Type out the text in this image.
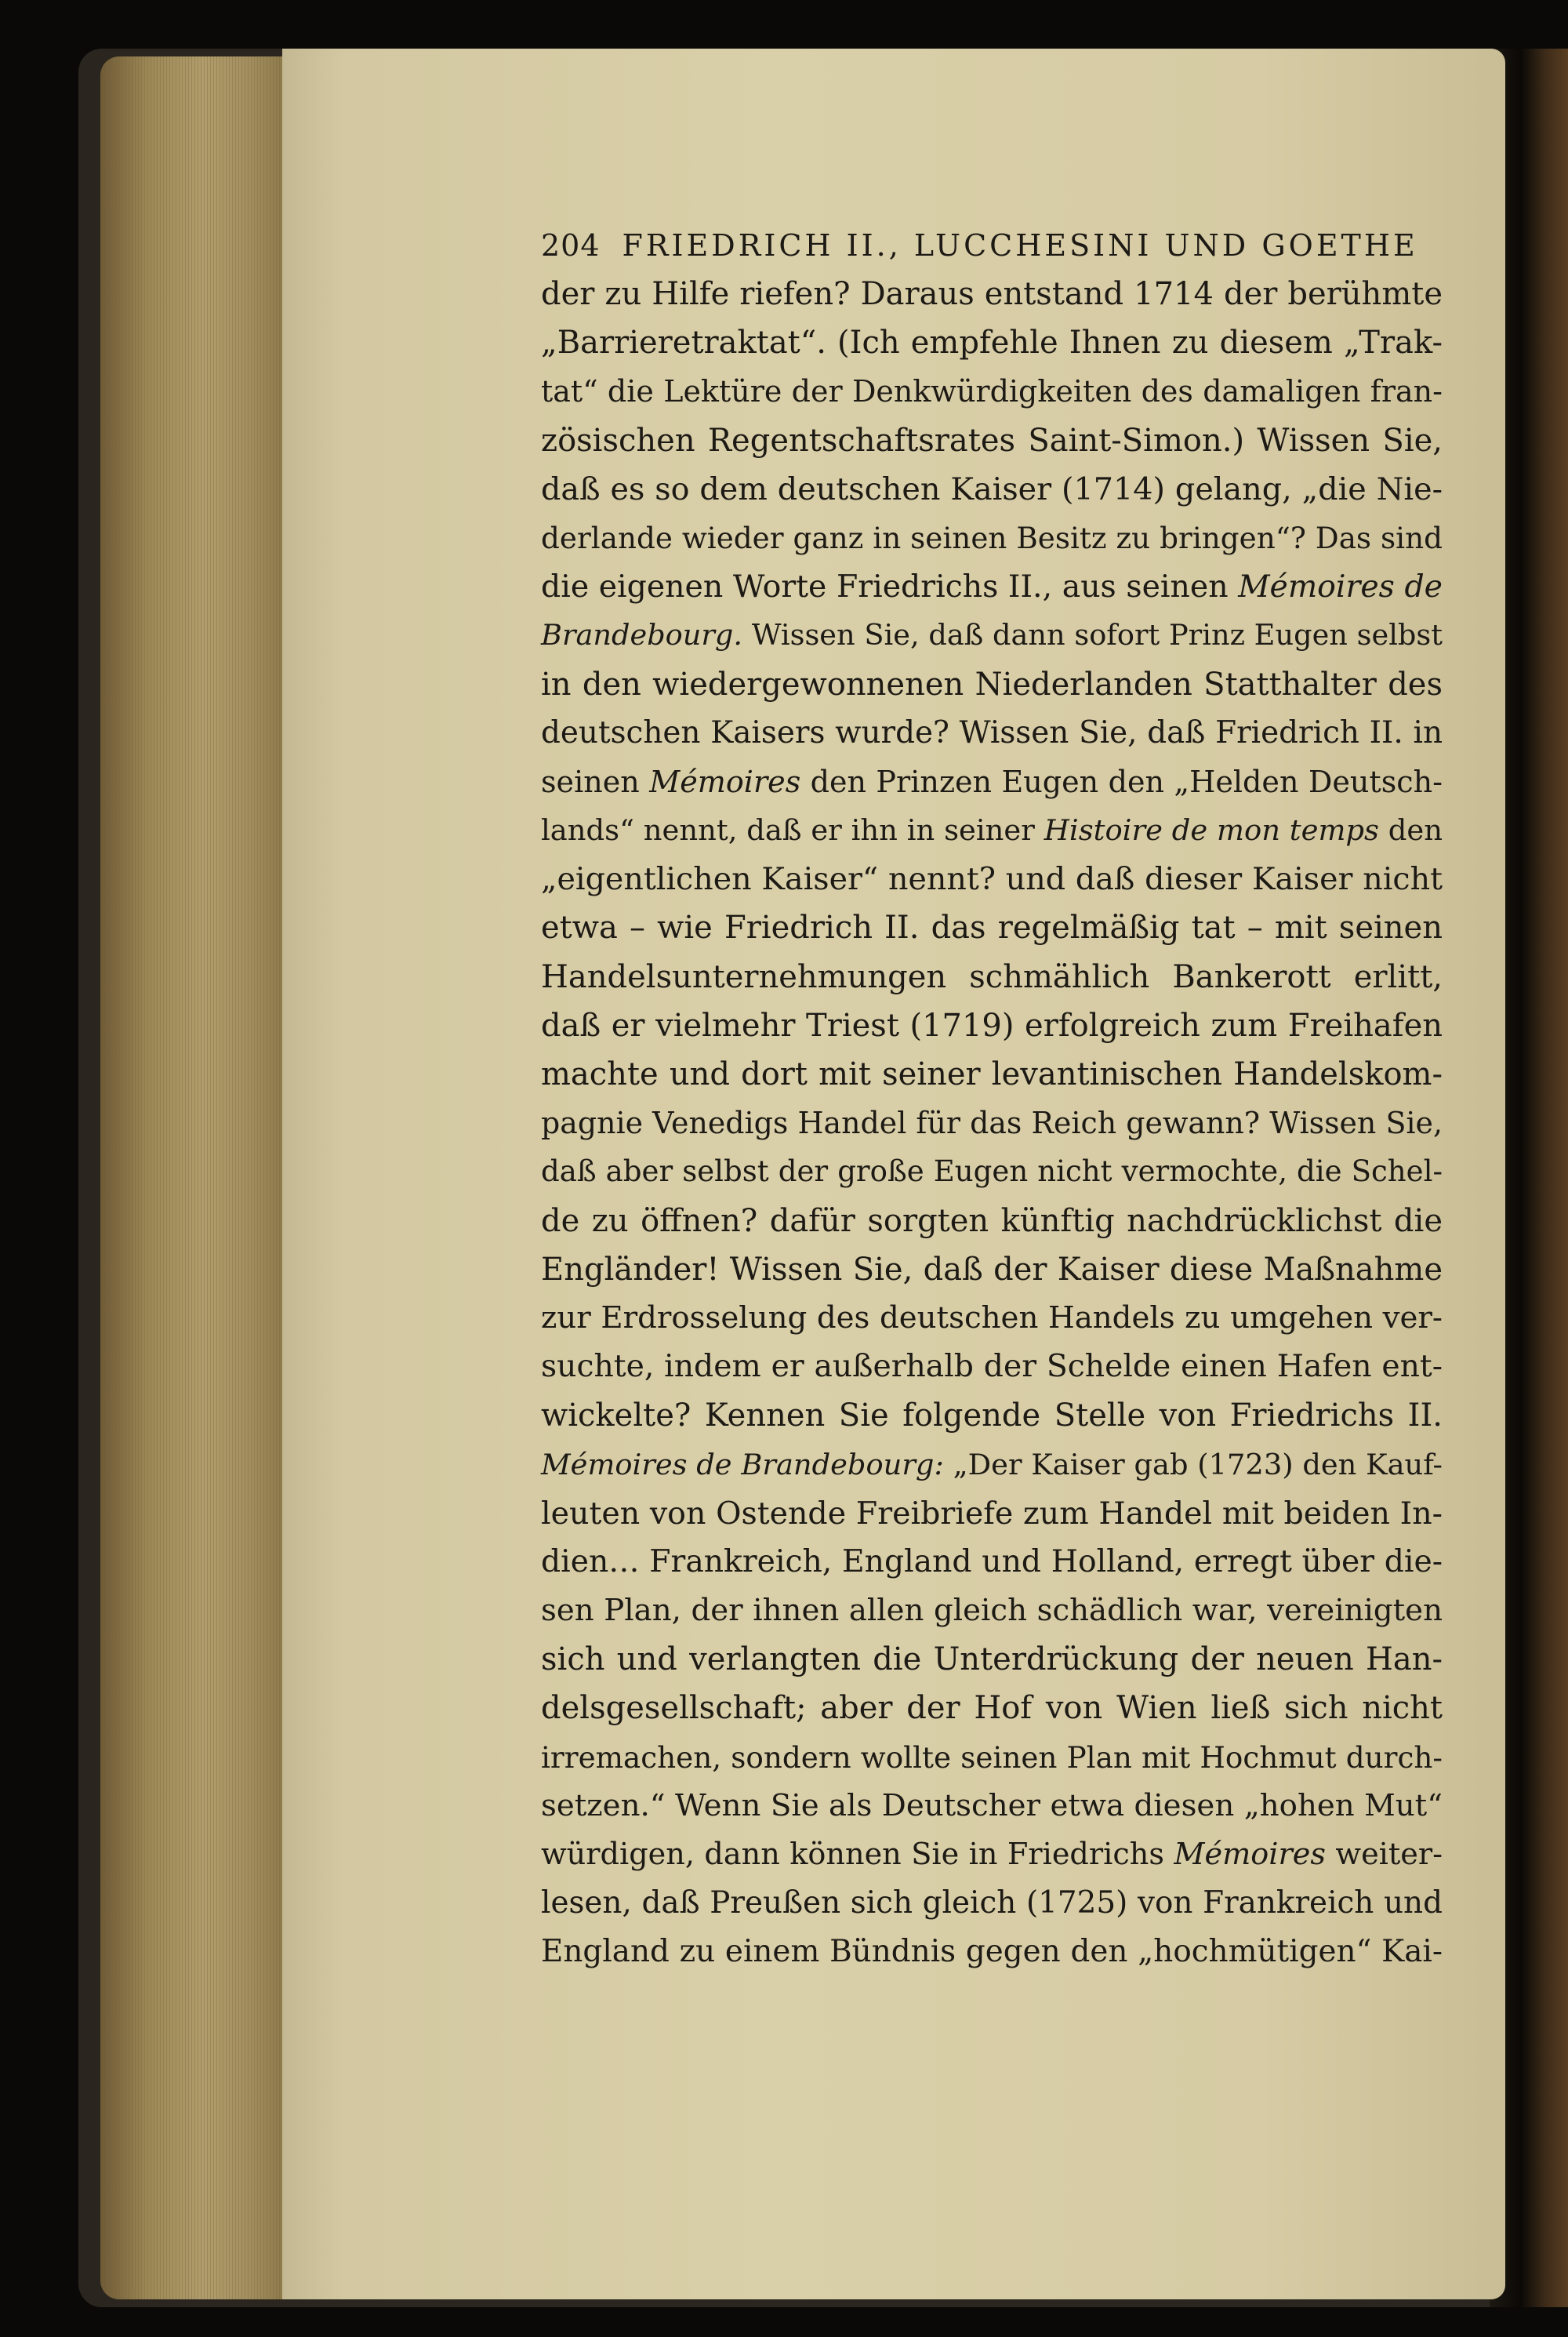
204 FRIEDRICH II., LUCCHESINI UND GOETHE
der zu Hilfe riefen? Daraus entstand 1714 der berühmte
„Barrieretraktat“. (Ich empfehle Ihnen zu diesem „Trak-
tat“ die Lektüre der Denkwürdigkeiten des damaligen fran-
zösischen Regentschaftsrates Saint-Simon.) Wissen Sie,
daß es so dem deutschen Kaiser (1714) gelang, „die Nie-
derlande wieder ganz in seinen Besitz zu bringen“? Das sind
die eigenen Worte Friedrichs II., aus seinen Mémoires de
Brandebourg. Wissen Sie, daß dann sofort Prinz Eugen selbst
in den wiedergewonnenen Niederlanden Statthalter des
deutschen Kaisers wurde? Wissen Sie, daß Friedrich II. in
seinen Mémoires den Prinzen Eugen den „Helden Deutsch-
lands“ nennt, daß er ihn in seiner Histoire de mon temps den
„eigentlichen Kaiser“ nennt? und daß dieser Kaiser nicht
etwa – wie Friedrich II. das regelmäßig tat – mit seinen
Handelsunternehmungen schmählich Bankerott erlitt,
daß er vielmehr Triest (1719) erfolgreich zum Freihafen
machte und dort mit seiner levantinischen Handelskom-
pagnie Venedigs Handel für das Reich gewann? Wissen Sie,
daß aber selbst der große Eugen nicht vermochte, die Schel-
de zu öffnen? dafür sorgten künftig nachdrücklichst die
Engländer! Wissen Sie, daß der Kaiser diese Maßnahme
zur Erdrosselung des deutschen Handels zu umgehen ver-
suchte, indem er außerhalb der Schelde einen Hafen ent-
wickelte? Kennen Sie folgende Stelle von Friedrichs II.
Mémoires de Brandebourg: „Der Kaiser gab (1723) den Kauf-
leuten von Ostende Freibriefe zum Handel mit beiden In-
dien… Frankreich, England und Holland, erregt über die-
sen Plan, der ihnen allen gleich schädlich war, vereinigten
sich und verlangten die Unterdrückung der neuen Han-
delsgesellschaft; aber der Hof von Wien ließ sich nicht
irremachen, sondern wollte seinen Plan mit Hochmut durch-
setzen.“ Wenn Sie als Deutscher etwa diesen „hohen Mut“
würdigen, dann können Sie in Friedrichs Mémoires weiter-
lesen, daß Preußen sich gleich (1725) von Frankreich und
England zu einem Bündnis gegen den „hochmütigen“ Kai-
